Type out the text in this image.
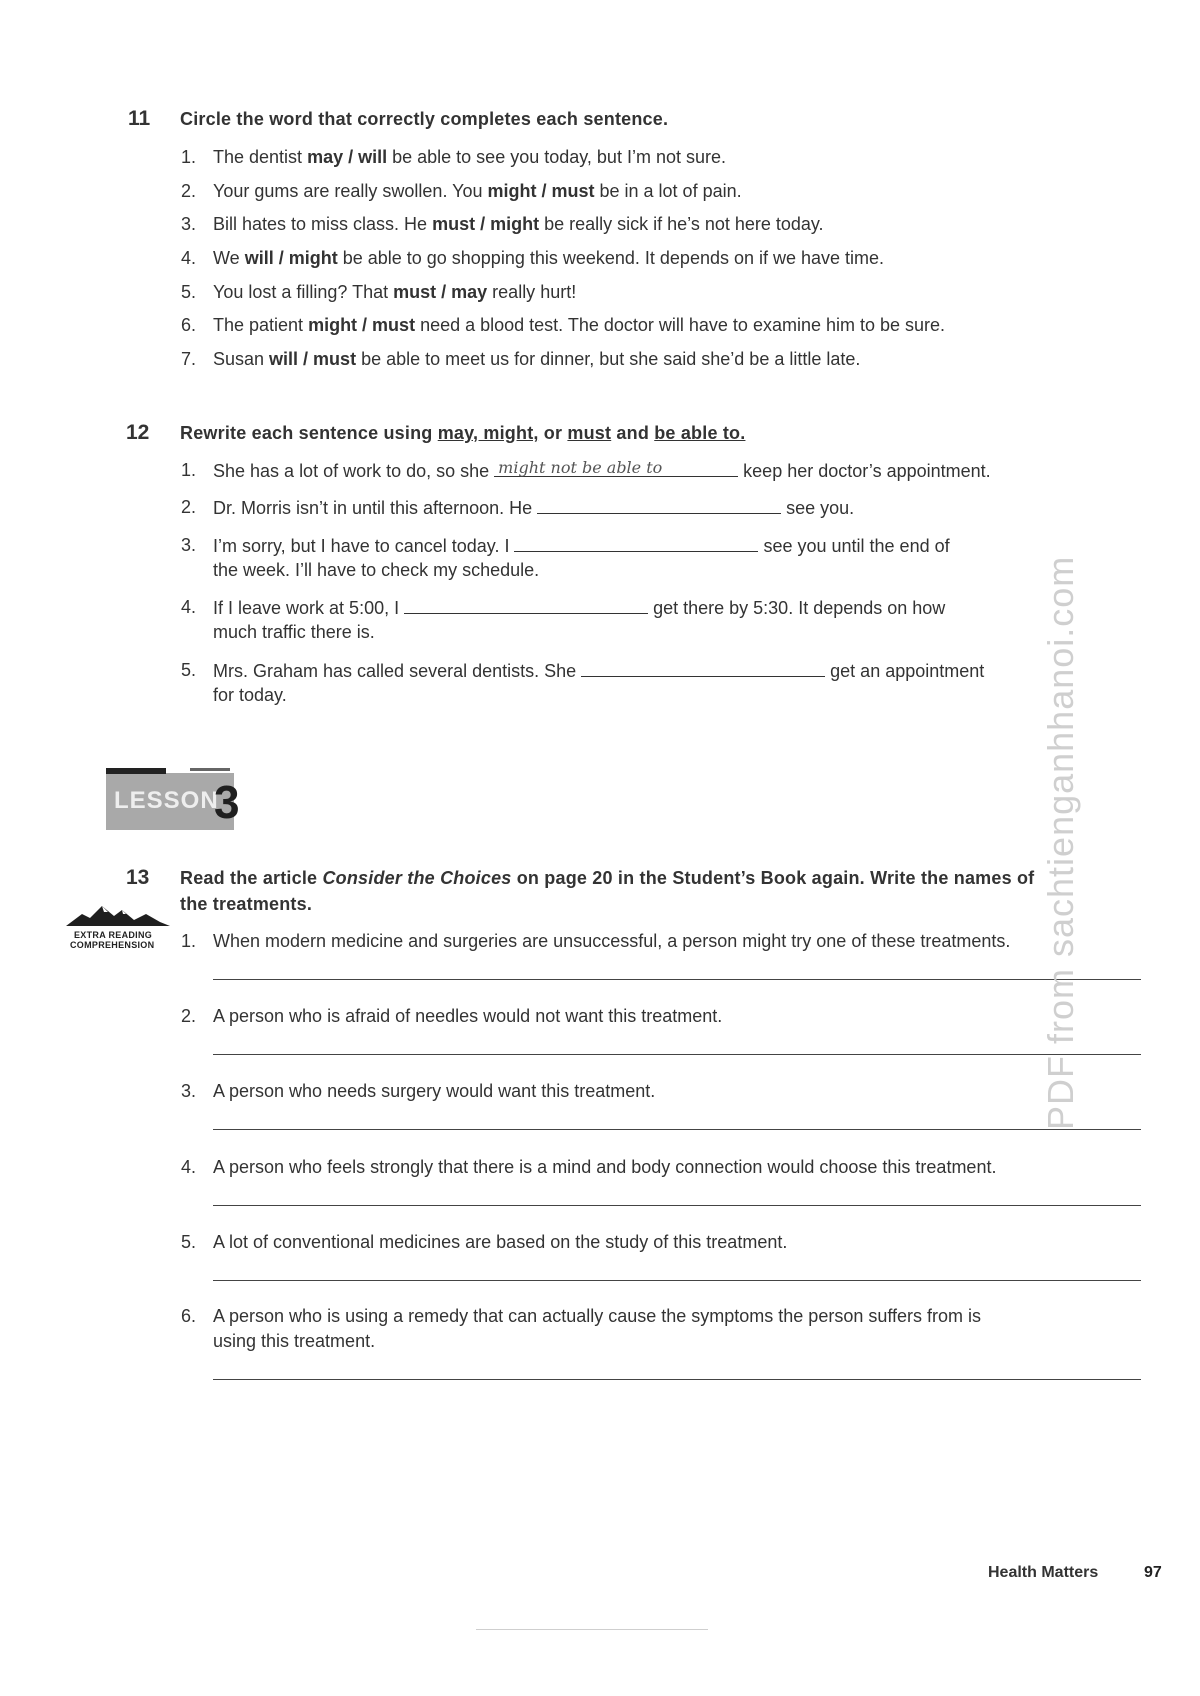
11 Circle the word that correctly completes each sentence.
1. The dentist may / will be able to see you today, but I’m not sure.
2. Your gums are really swollen. You might / must be in a lot of pain.
3. Bill hates to miss class. He must / might be really sick if he’s not here today.
4. We will / might be able to go shopping this weekend. It depends on if we have time.
5. You lost a filling? That must / may really hurt!
6. The patient might / must need a blood test. The doctor will have to examine him to be sure.
7. Susan will / must be able to meet us for dinner, but she said she’d be a little late.
12 Rewrite each sentence using may, might, or must and be able to.
1. She has a lot of work to do, so she might not be able to	keep her doctor’s appointment.
2. Dr. Morris isn’t in until this afternoon. He	see you.
3. I’m sorry, but I have to cancel today. I	see you until the end of
the week. I’ll have to check my schedule.
4. If I leave work at 5:00, I	get there by 5:30. It depends on how
much traffic there is.
5. Mrs. Graham has called several dentists. She	get an appointment
for today.
LESSON
3
13 Read the article Consider the Choices on page 20 in the Student’s Book again. Write the names of
the treatments.
EXTRA READING
COMPREHENSION 1. When modern medicine and surgeries are unsuccessful, a person might try one of these treatments.
2. A person who is afraid of needles would not want this treatment.
3. A person who needs surgery would want this treatment.
4. A person who feels strongly that there is a mind and body connection would choose this treatment.
5. A lot of conventional medicines are based on the study of this treatment.
6. A person who is using a remedy that can actually cause the symptoms the person suffers from is
using this treatment.
PDF from sachtienganhhanoi.com
Health Matters	97
